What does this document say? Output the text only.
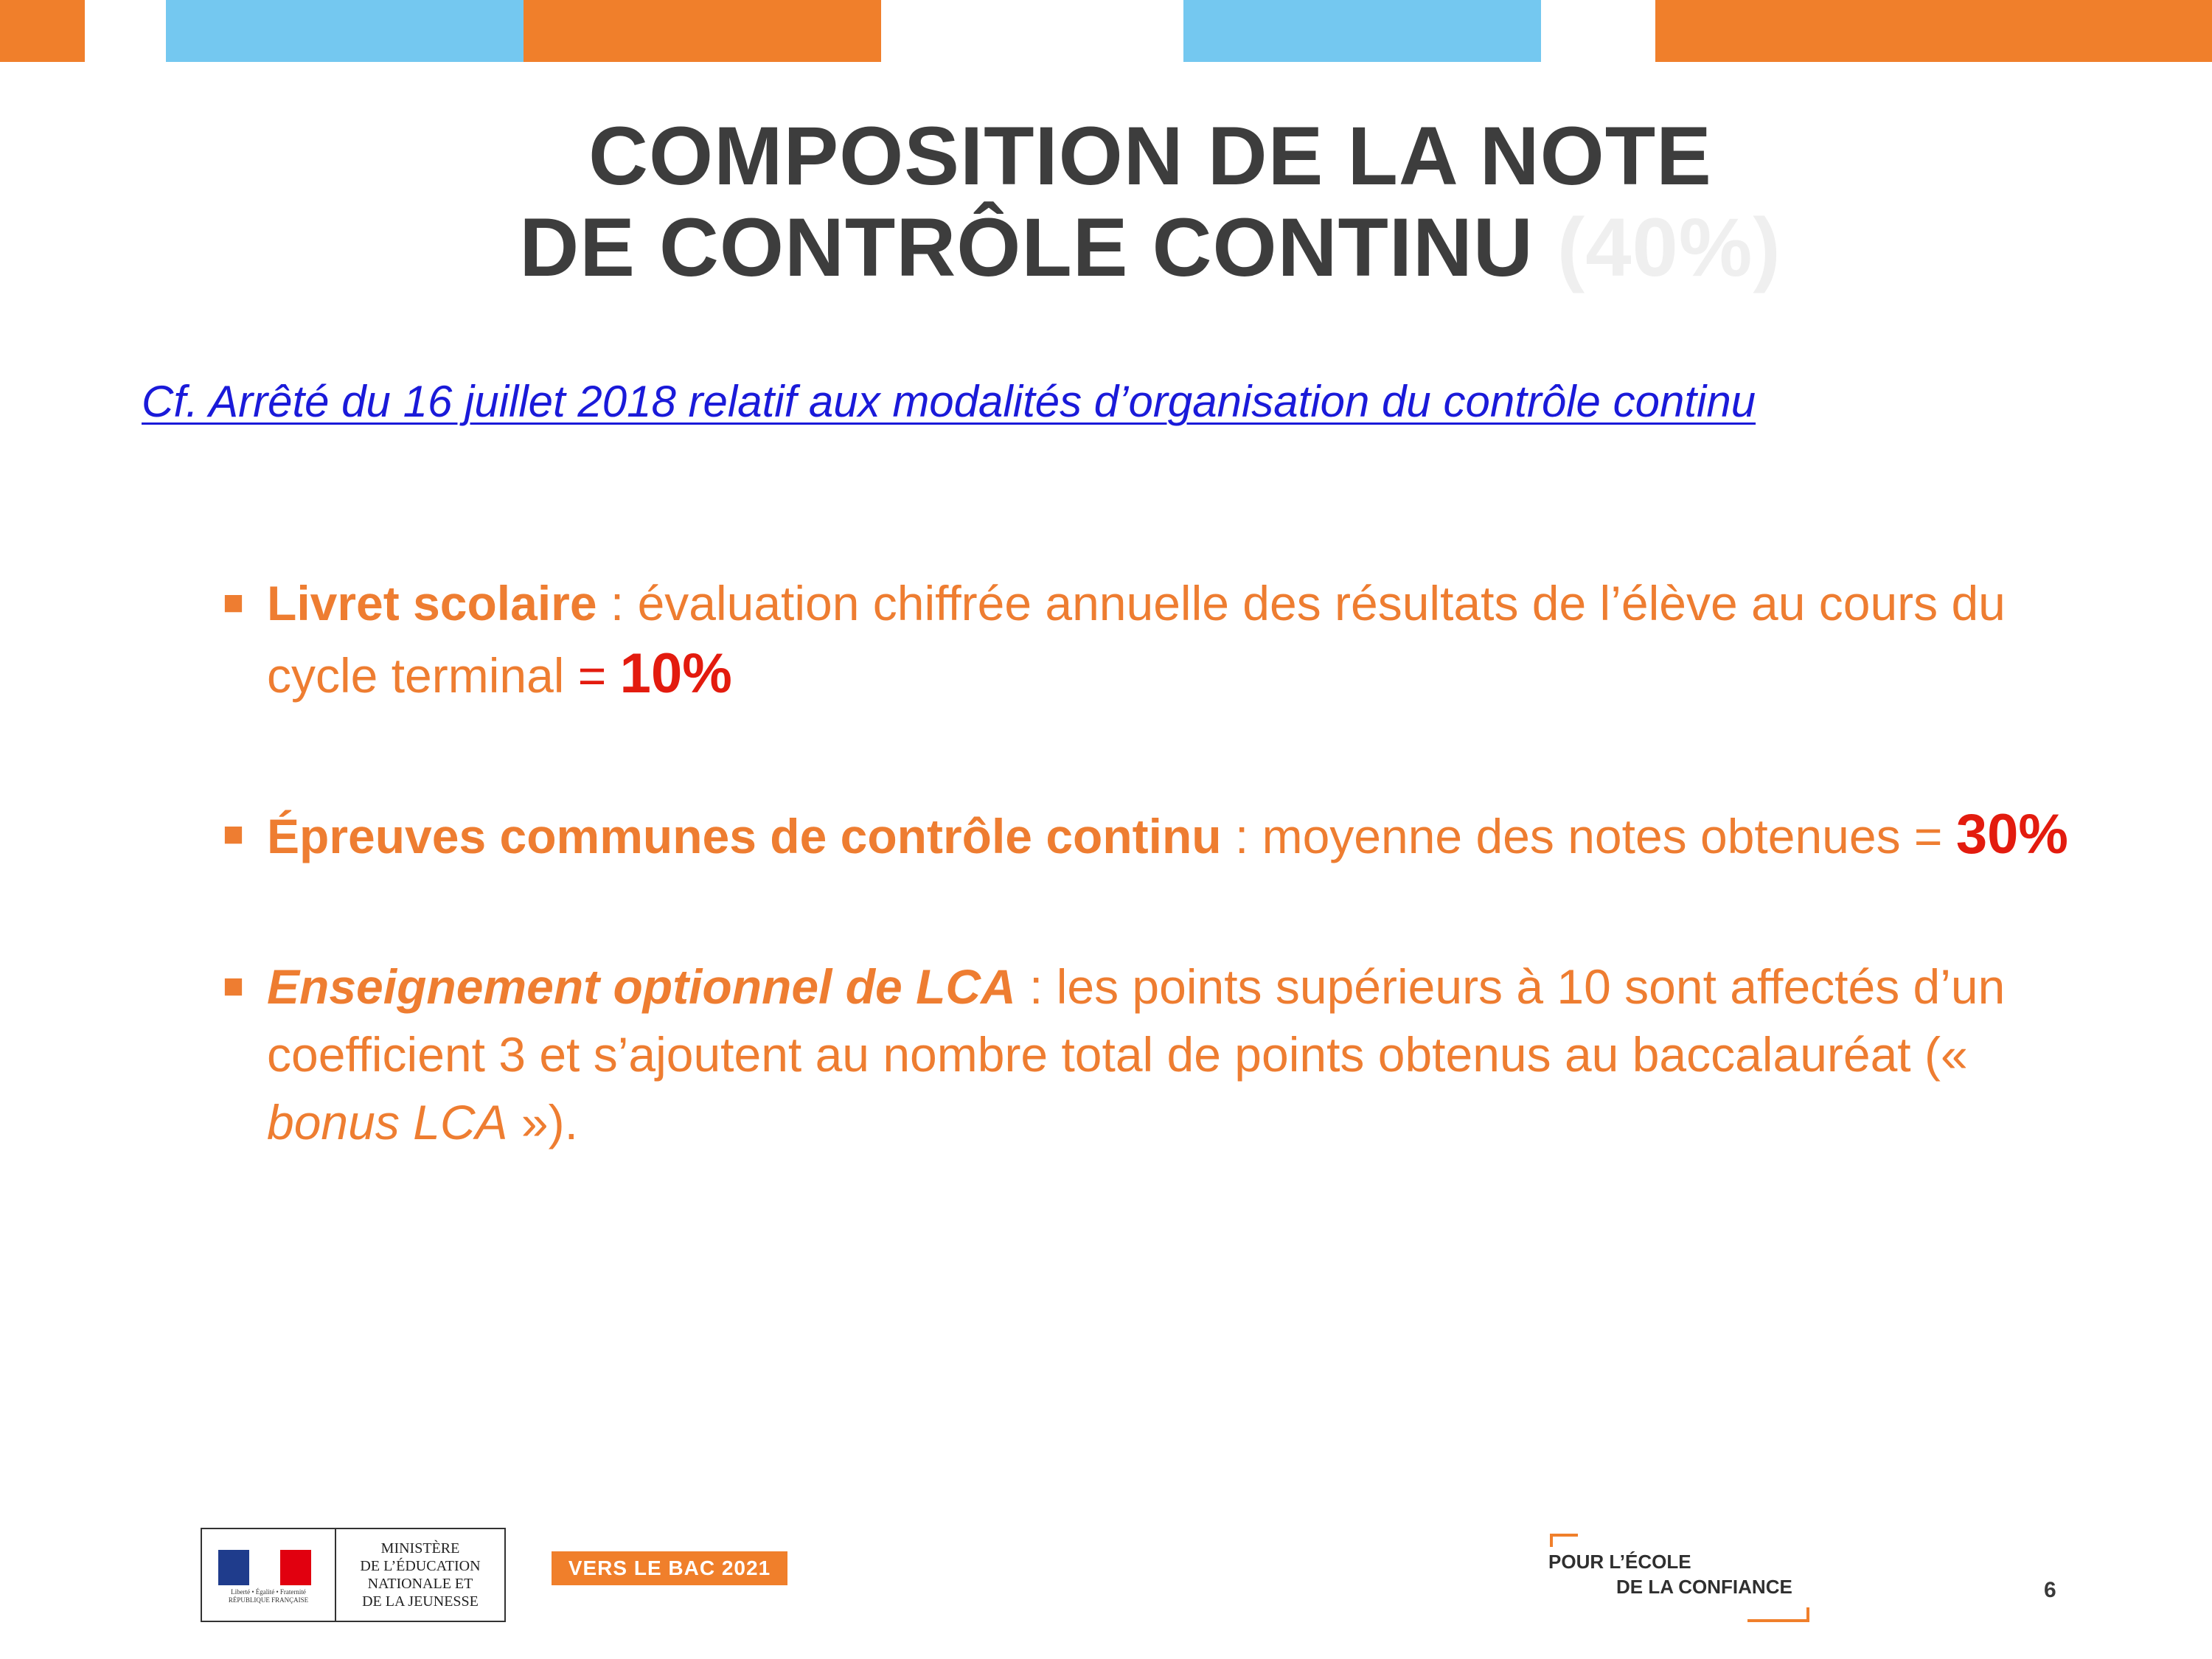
COMPOSITION DE LA NOTE
DE CONTRÔLE CONTINU (40%)
Cf. Arrêté du 16 juillet 2018 relatif aux modalités d’organisation du contrôle continu
■ Livret scolaire : évaluation chiffrée annuelle des résultats de l’élève au cours du cycle terminal = 10%
■ Épreuves communes de contrôle continu : moyenne des notes obtenues = 30%
■ Enseignement optionnel de LCA : les points supérieurs à 10 sont affectés d’un coefficient 3 et s’ajoutent au nombre total de points obtenus au baccalauréat (« bonus LCA »).
Liberté • Égalité • Fraternité
RÉPUBLIQUE FRANÇAISE
MINISTÈRE
DE L’ÉDUCATION
NATIONALE ET
DE LA JEUNESSE
VERS LE BAC 2021	POUR L’ÉCOLE
DE LA CONFIANCE	6
